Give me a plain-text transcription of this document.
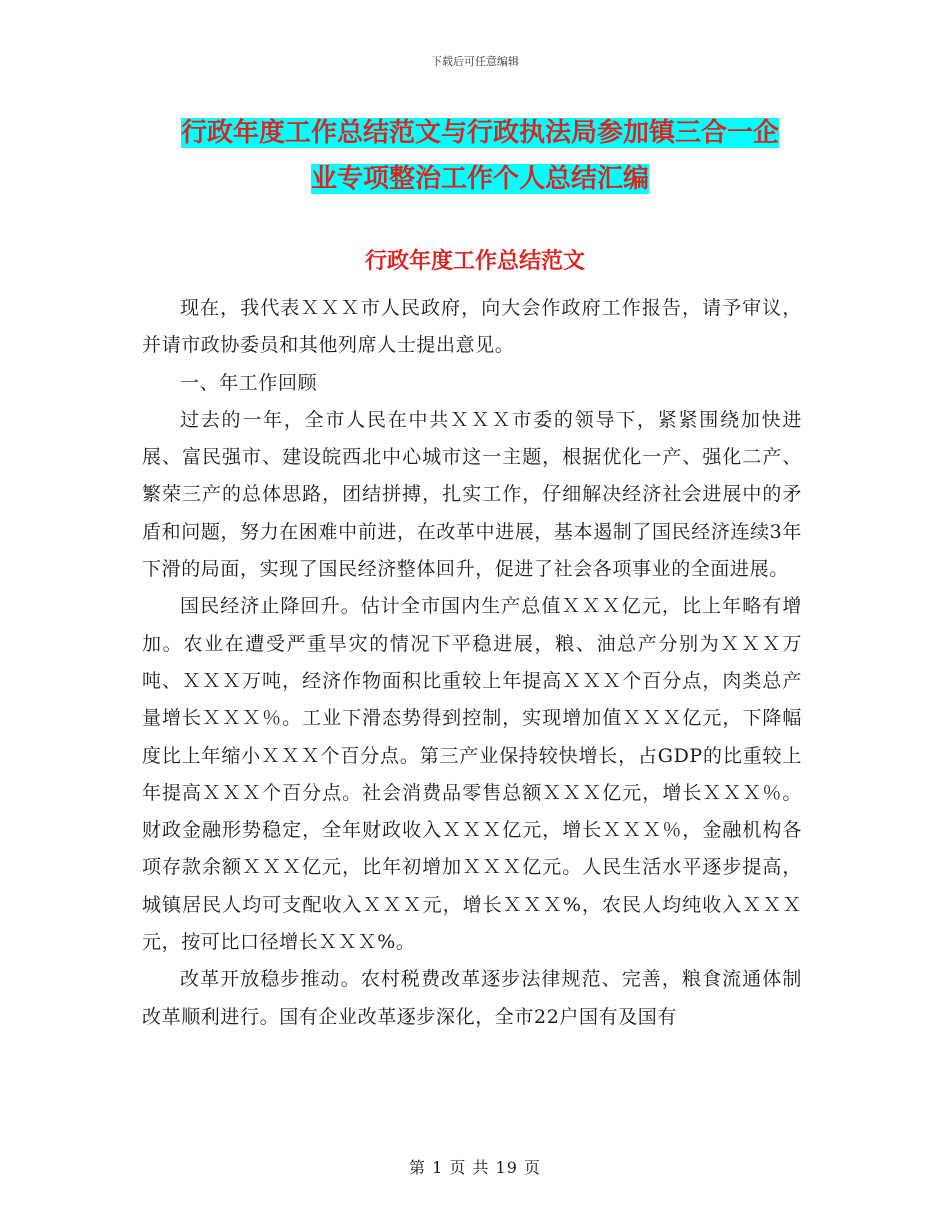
下载后可任意编辑
行政年度工作总结范文与行政执法局参加镇三合一企
业专项整治工作个人总结汇编
行政年度工作总结范文

现在，我代表ＸＸＸ市人民政府，向大会作政府工作报告，请予审议，并请市政协委员和其他列席人士提出意见。

一、年工作回顾

过去的一年，全市人民在中共ＸＸＸ市委的领导下，紧紧围绕加快进展、富民强市、建设皖西北中心城市这一主题，根据优化一产、强化二产、繁荣三产的总体思路，团结拼搏，扎实工作，仔细解决经济社会进展中的矛盾和问题，努力在困难中前进，在改革中进展，基本遏制了国民经济连续3年下滑的局面，实现了国民经济整体回升，促进了社会各项事业的全面进展。

国民经济止降回升。估计全市国内生产总值ＸＸＸ亿元，比上年略有增加。农业在遭受严重旱灾的情况下平稳进展，粮、油总产分别为ＸＸＸ万吨、ＸＸＸ万吨，经济作物面积比重较上年提高ＸＸＸ个百分点，肉类总产量增长ＸＸＸ％。工业下滑态势得到控制，实现增加值ＸＸＸ亿元，下降幅度比上年缩小ＸＸＸ个百分点。第三产业保持较快增长，占GDP的比重较上年提高ＸＸＸ个百分点。社会消费品零售总额ＸＸＸ亿元，增长ＸＸＸ％。财政金融形势稳定，全年财政收入ＸＸＸ亿元，增长ＸＸＸ％，金融机构各项存款余额ＸＸＸ亿元，比年初增加ＸＸＸ亿元。人民生活水平逐步提高，城镇居民人均可支配收入ＸＸＸ元，增长ＸＸＸ%，农民人均纯收入ＸＸＸ元，按可比口径增长ＸＸＸ%。

改革开放稳步推动。农村税费改革逐步法律规范、完善，粮食流通体制改革顺利进行。国有企业改革逐步深化，全市22户国有及国有

第 1 页 共 19 页
